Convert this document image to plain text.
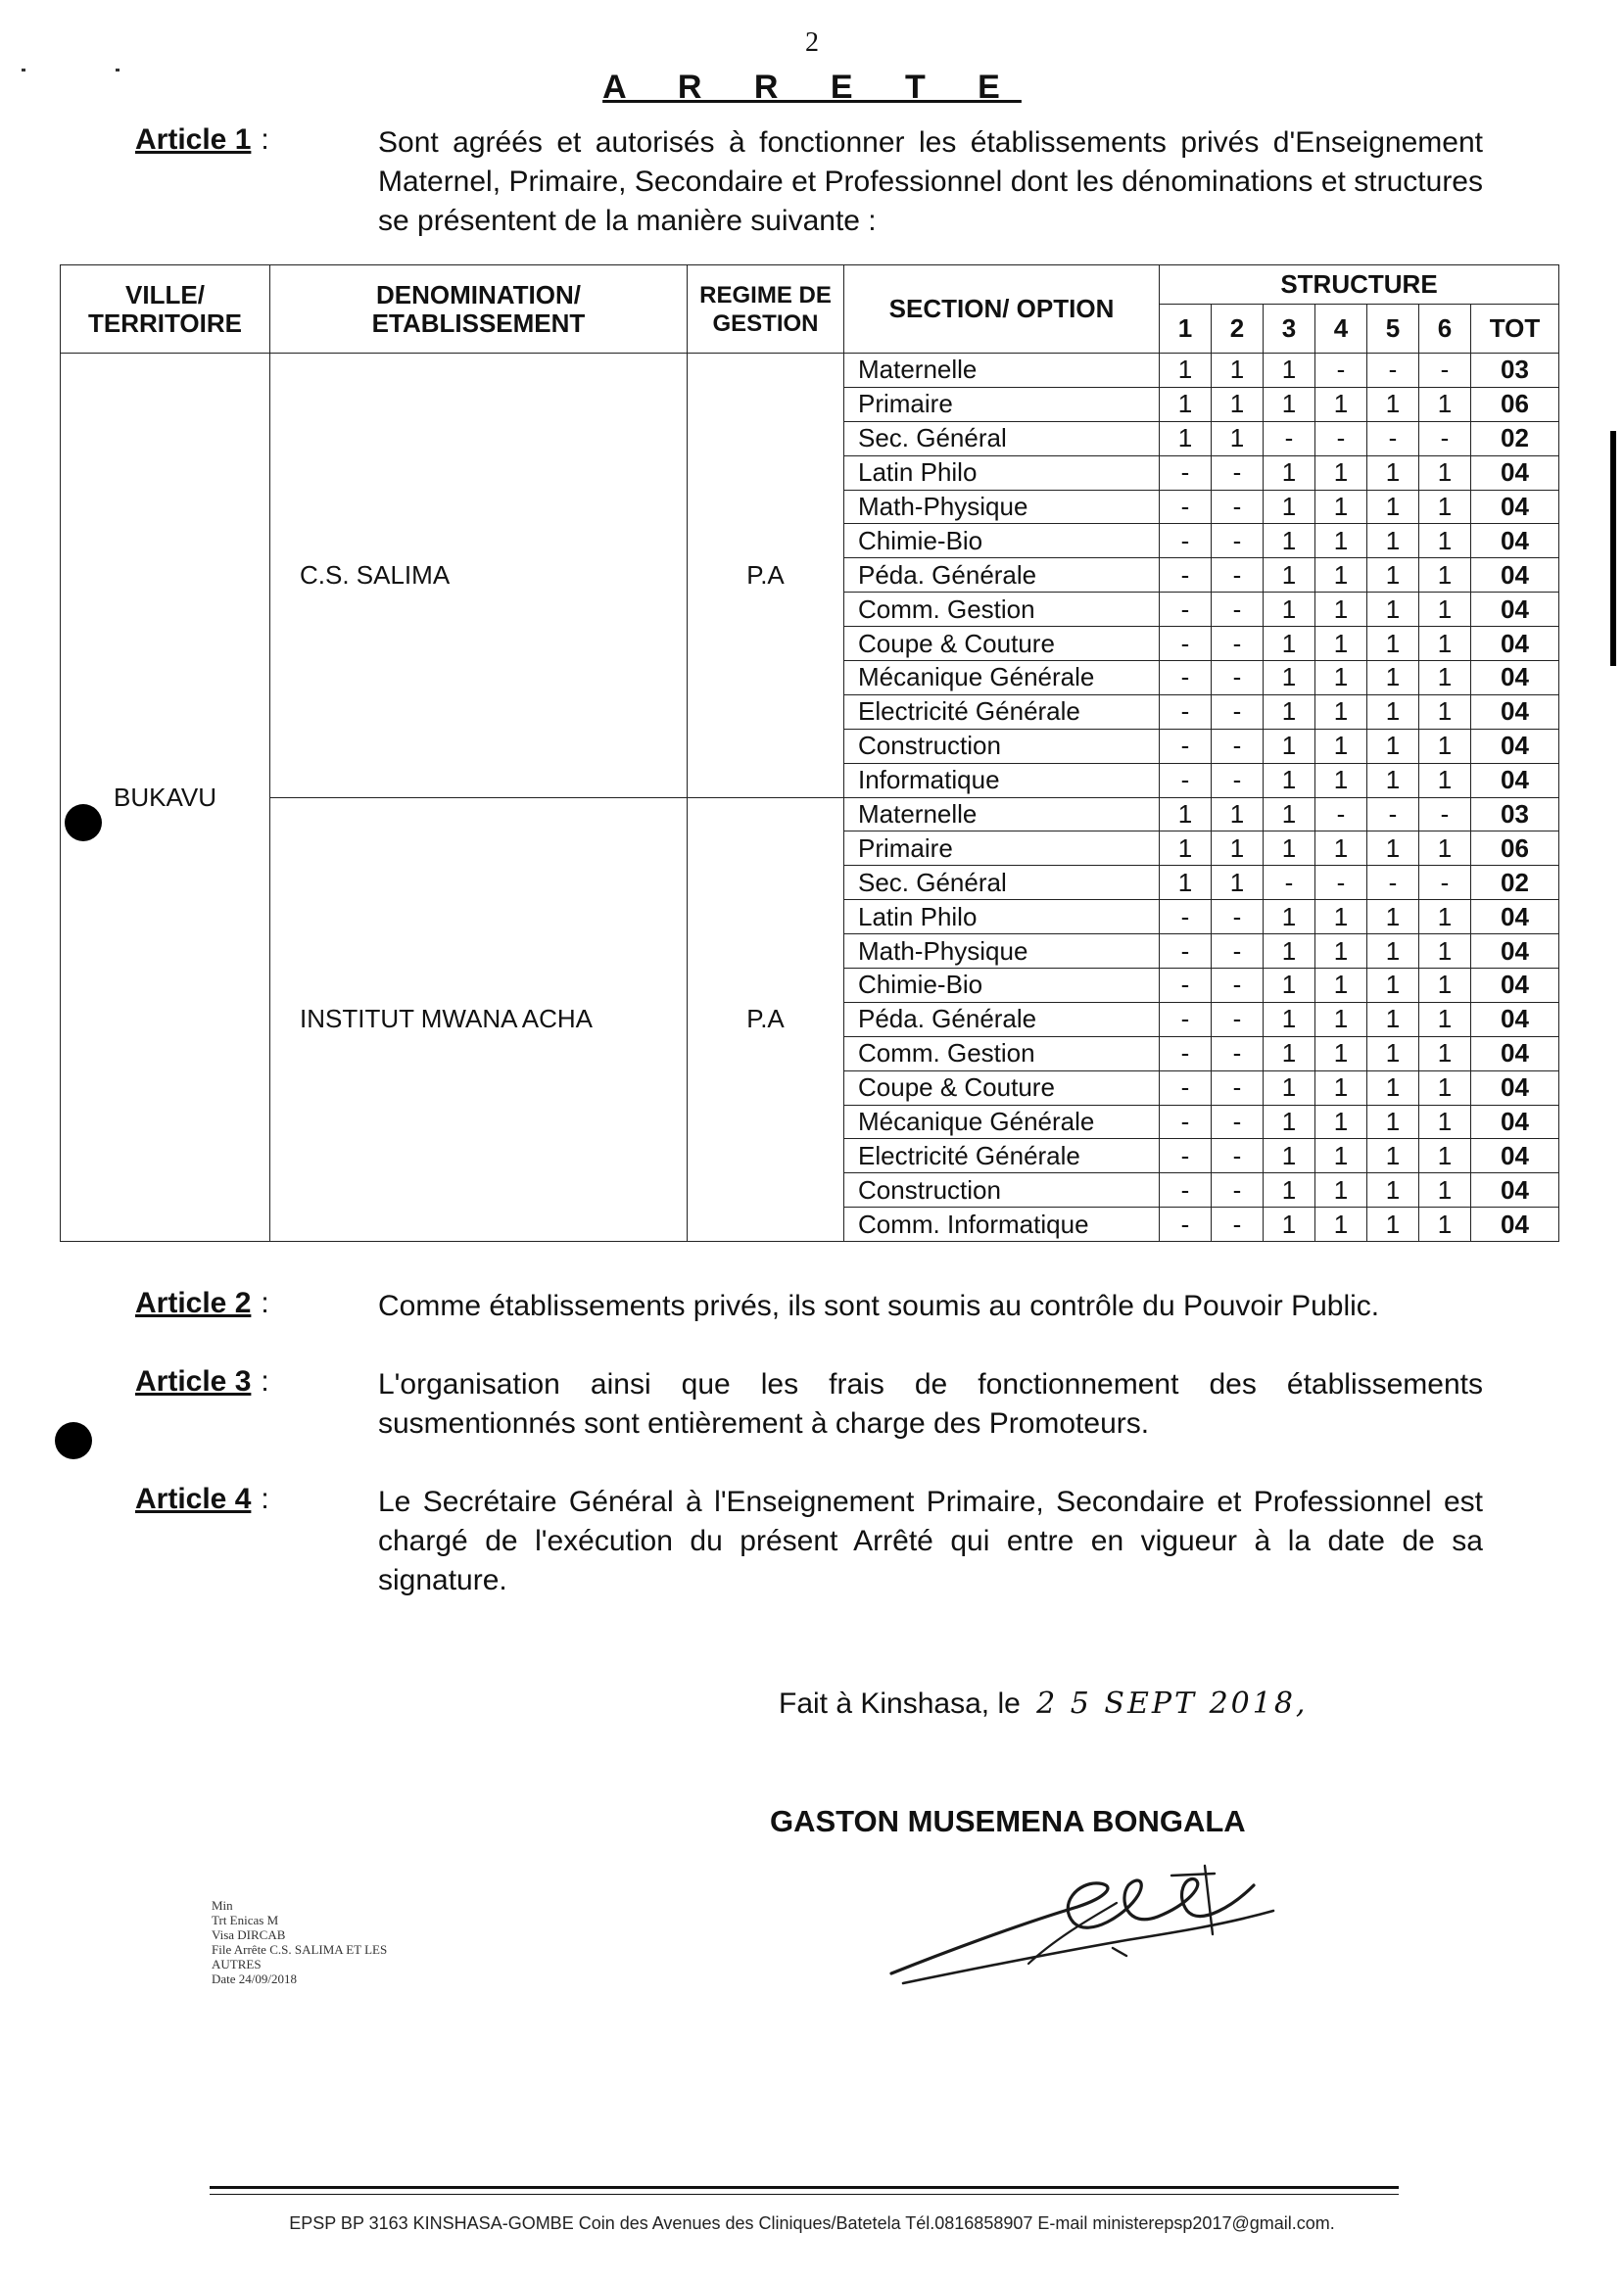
2
A R R E T E
Article 1 :	Sont agréés et autorisés à fonctionner les établissements privés d'Enseignement Maternel, Primaire, Secondaire et Professionnel dont les dénominations et structures se présentent de la manière suivante :
VILLE/ TERRITOIRE	DENOMINATION/ ETABLISSEMENT	REGIME DE GESTION	SECTION/ OPTION	STRUCTURE						
				1	2	3	4	5	6	TOT
BUKAVU	C.S. SALIMA	P.A	Maternelle	1	1	1	-	-	-	03
			Primaire	1	1	1	1	1	1	06
			Sec. Général	1	1	-	-	-	-	02
			Latin Philo	-	-	1	1	1	1	04
			Math-Physique	-	-	1	1	1	1	04
			Chimie-Bio	-	-	1	1	1	1	04
			Péda. Générale	-	-	1	1	1	1	04
			Comm. Gestion	-	-	1	1	1	1	04
			Coupe & Couture	-	-	1	1	1	1	04
			Mécanique Générale	-	-	1	1	1	1	04
			Electricité Générale	-	-	1	1	1	1	04
			Construction	-	-	1	1	1	1	04
			Informatique	-	-	1	1	1	1	04
	INSTITUT MWANA ACHA	P.A	Maternelle	1	1	1	-	-	-	03
			Primaire	1	1	1	1	1	1	06
			Sec. Général	1	1	-	-	-	-	02
			Latin Philo	-	-	1	1	1	1	04
			Math-Physique	-	-	1	1	1	1	04
			Chimie-Bio	-	-	1	1	1	1	04
			Péda. Générale	-	-	1	1	1	1	04
			Comm. Gestion	-	-	1	1	1	1	04
			Coupe & Couture	-	-	1	1	1	1	04
			Mécanique Générale	-	-	1	1	1	1	04
			Electricité Générale	-	-	1	1	1	1	04
			Construction	-	-	1	1	1	1	04
			Comm. Informatique	-	-	1	1	1	1	04
Article 2 :	Comme établissements privés, ils sont soumis au contrôle du Pouvoir Public.
Article 3 :	L'organisation ainsi que les frais de fonctionnement des établissements susmentionnés sont entièrement à charge des Promoteurs.
Article 4 :	Le Secrétaire Général à l'Enseignement Primaire, Secondaire et Professionnel est chargé de l'exécution du présent Arrêté qui entre en vigueur à la date de sa signature.
Fait à Kinshasa, le 2 5 SEPT 2018,
GASTON MUSEMENA BONGALA
Min
Trt Enicas M
Visa DIRCAB
File Arrête C.S. SALIMA ET LES
AUTRES
Date 24/09/2018
EPSP BP 3163 KINSHASA-GOMBE Coin des Avenues des Cliniques/Batetela Tél.0816858907 E-mail ministerepsp2017@gmail.com.
